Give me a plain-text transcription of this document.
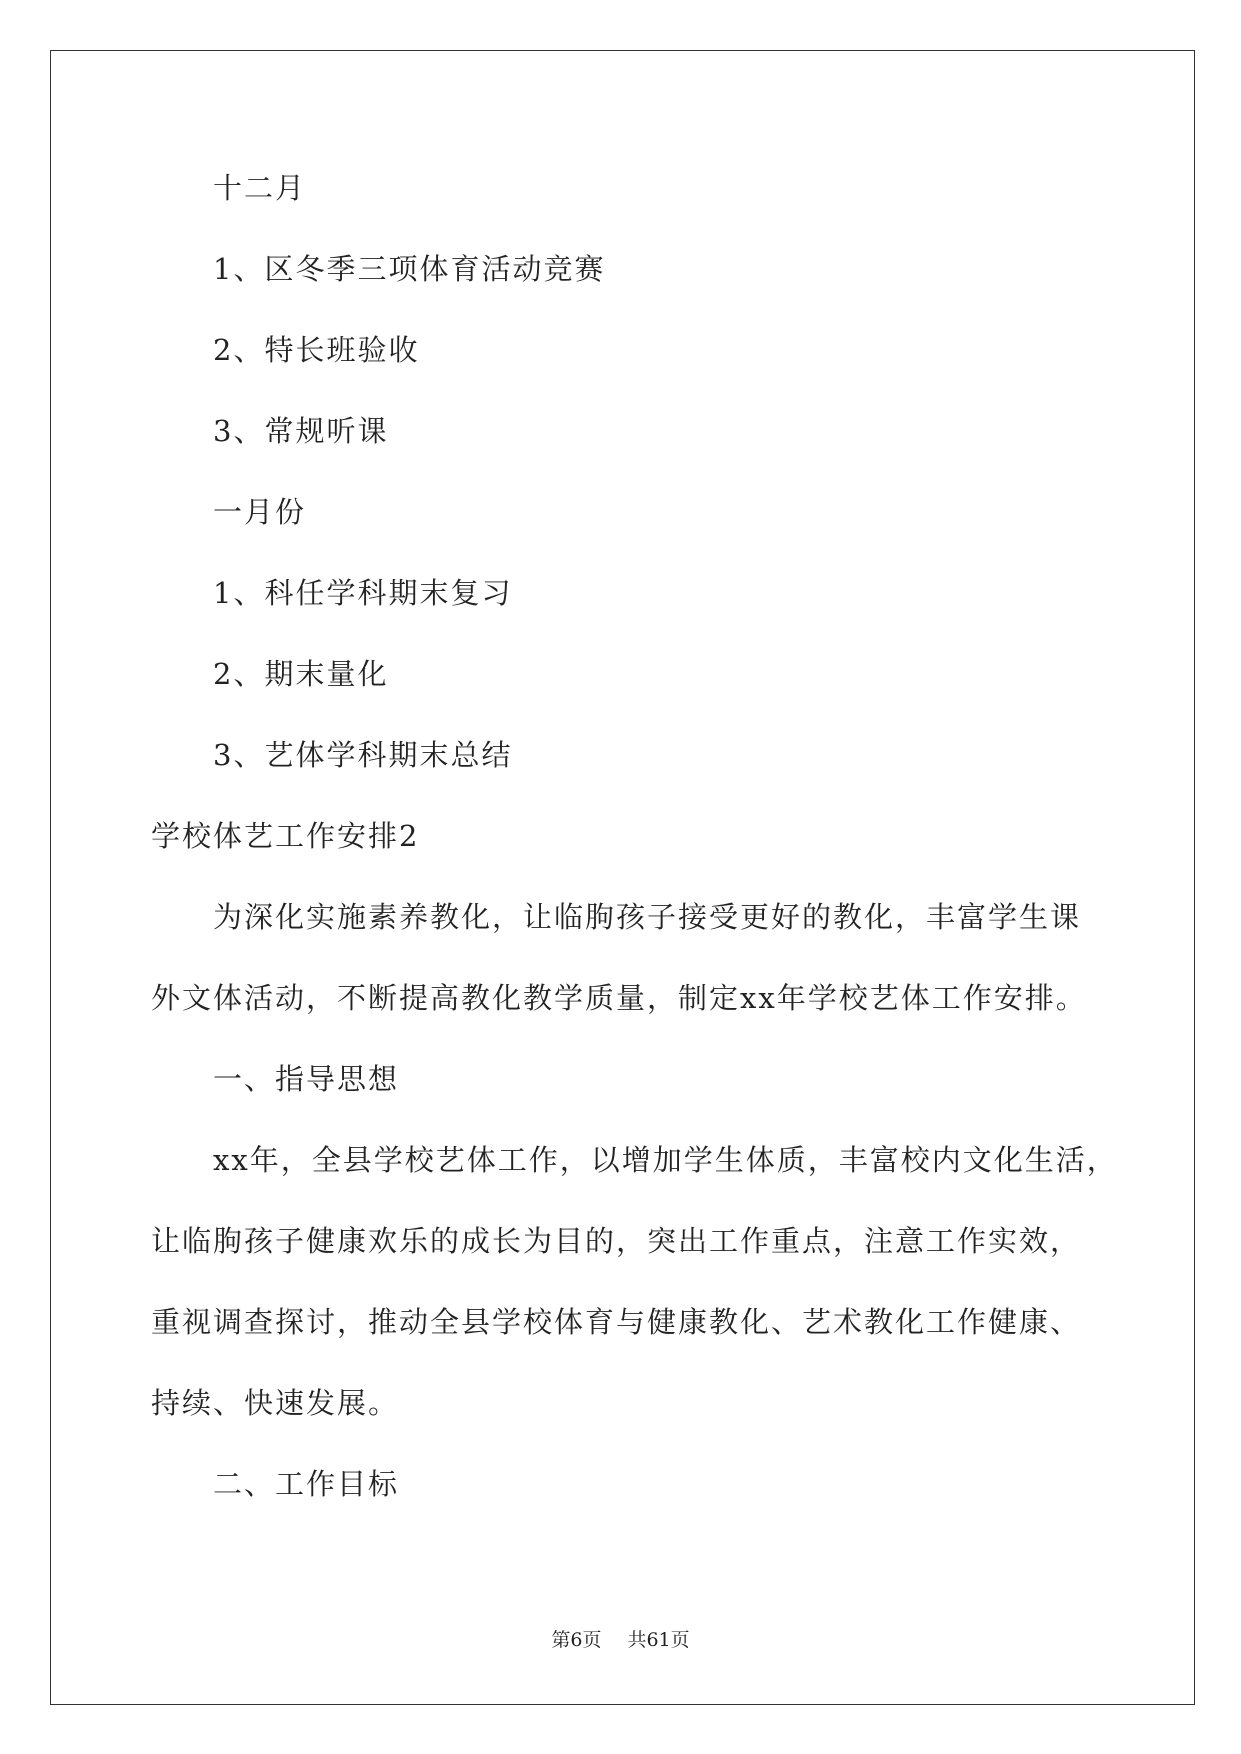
十二月
1、区冬季三项体育活动竞赛
2、特长班验收
3、常规听课
一月份
1、科任学科期末复习
2、期末量化
3、艺体学科期末总结
学校体艺工作安排2
为深化实施素养教化，让临朐孩子接受更好的教化，丰富学生课
外文体活动，不断提高教化教学质量，制定xx年学校艺体工作安排。
一、指导思想
xx年，全县学校艺体工作，以增加学生体质，丰富校内文化生活，
让临朐孩子健康欢乐的成长为目的，突出工作重点，注意工作实效，
重视调查探讨，推动全县学校体育与健康教化、艺术教化工作健康、
持续、快速发展。
二、工作目标
第6页 共61页
